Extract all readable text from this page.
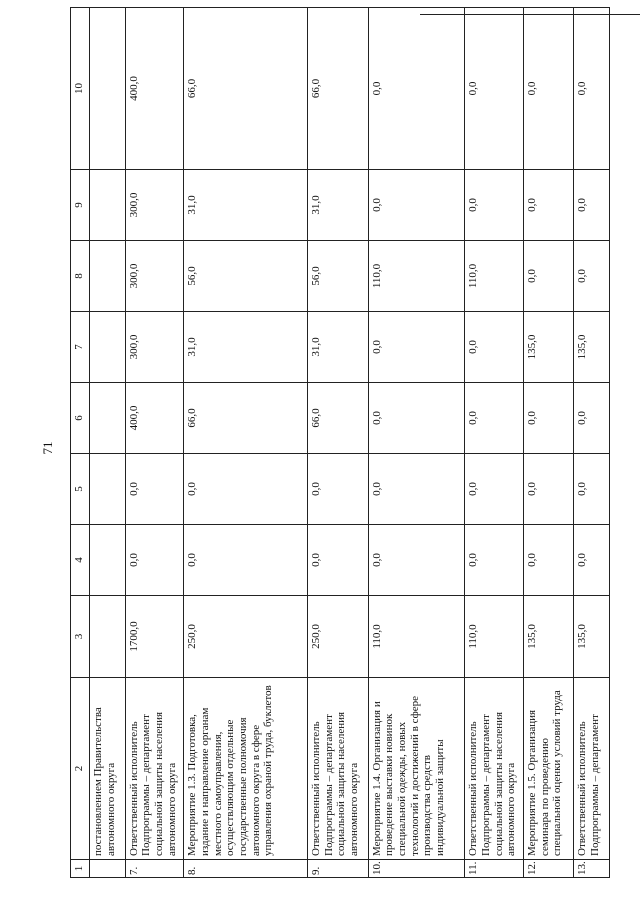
71
1	2	3	4	5	6	7	8	9	10
	постановлением Правительства автономного округа								
7.	Ответственный исполнитель Подпрограммы – департамент социальной защиты населения автономного округа	1700,0	0,0	0,0	400,0	300,0	300,0	300,0	400,0
8.	Мероприятие 1.3. Подготовка, издание и направление органам местного самоуправления, осуществляющим отдельные государственные полномочия автономного округа в сфере управления охраной труда, буклетов	250,0	0,0	0,0	66,0	31,0	56,0	31,0	66,0
9.	Ответственный исполнитель Подпрограммы – департамент социальной защиты населения автономного округа	250,0	0,0	0,0	66,0	31,0	56,0	31,0	66,0
10.	Мероприятие 1.4. Организация и проведение выставки новинок специальной одежды, новых технологий и достижений в сфере производства средств индивидуальной защиты	110,0	0,0	0,0	0,0	0,0	110,0	0,0	0,0
11.	Ответственный исполнитель Подпрограммы – департамент социальной защиты населения автономного округа	110,0	0,0	0,0	0,0	0,0	110,0	0,0	0,0
12.	Мероприятие 1.5. Организация семинара по проведению специальной оценки условий труда	135,0	0,0	0,0	0,0	135,0	0,0	0,0	0,0
13.	Ответственный исполнитель Подпрограммы – департамент	135,0	0,0	0,0	0,0	135,0	0,0	0,0	0,0
